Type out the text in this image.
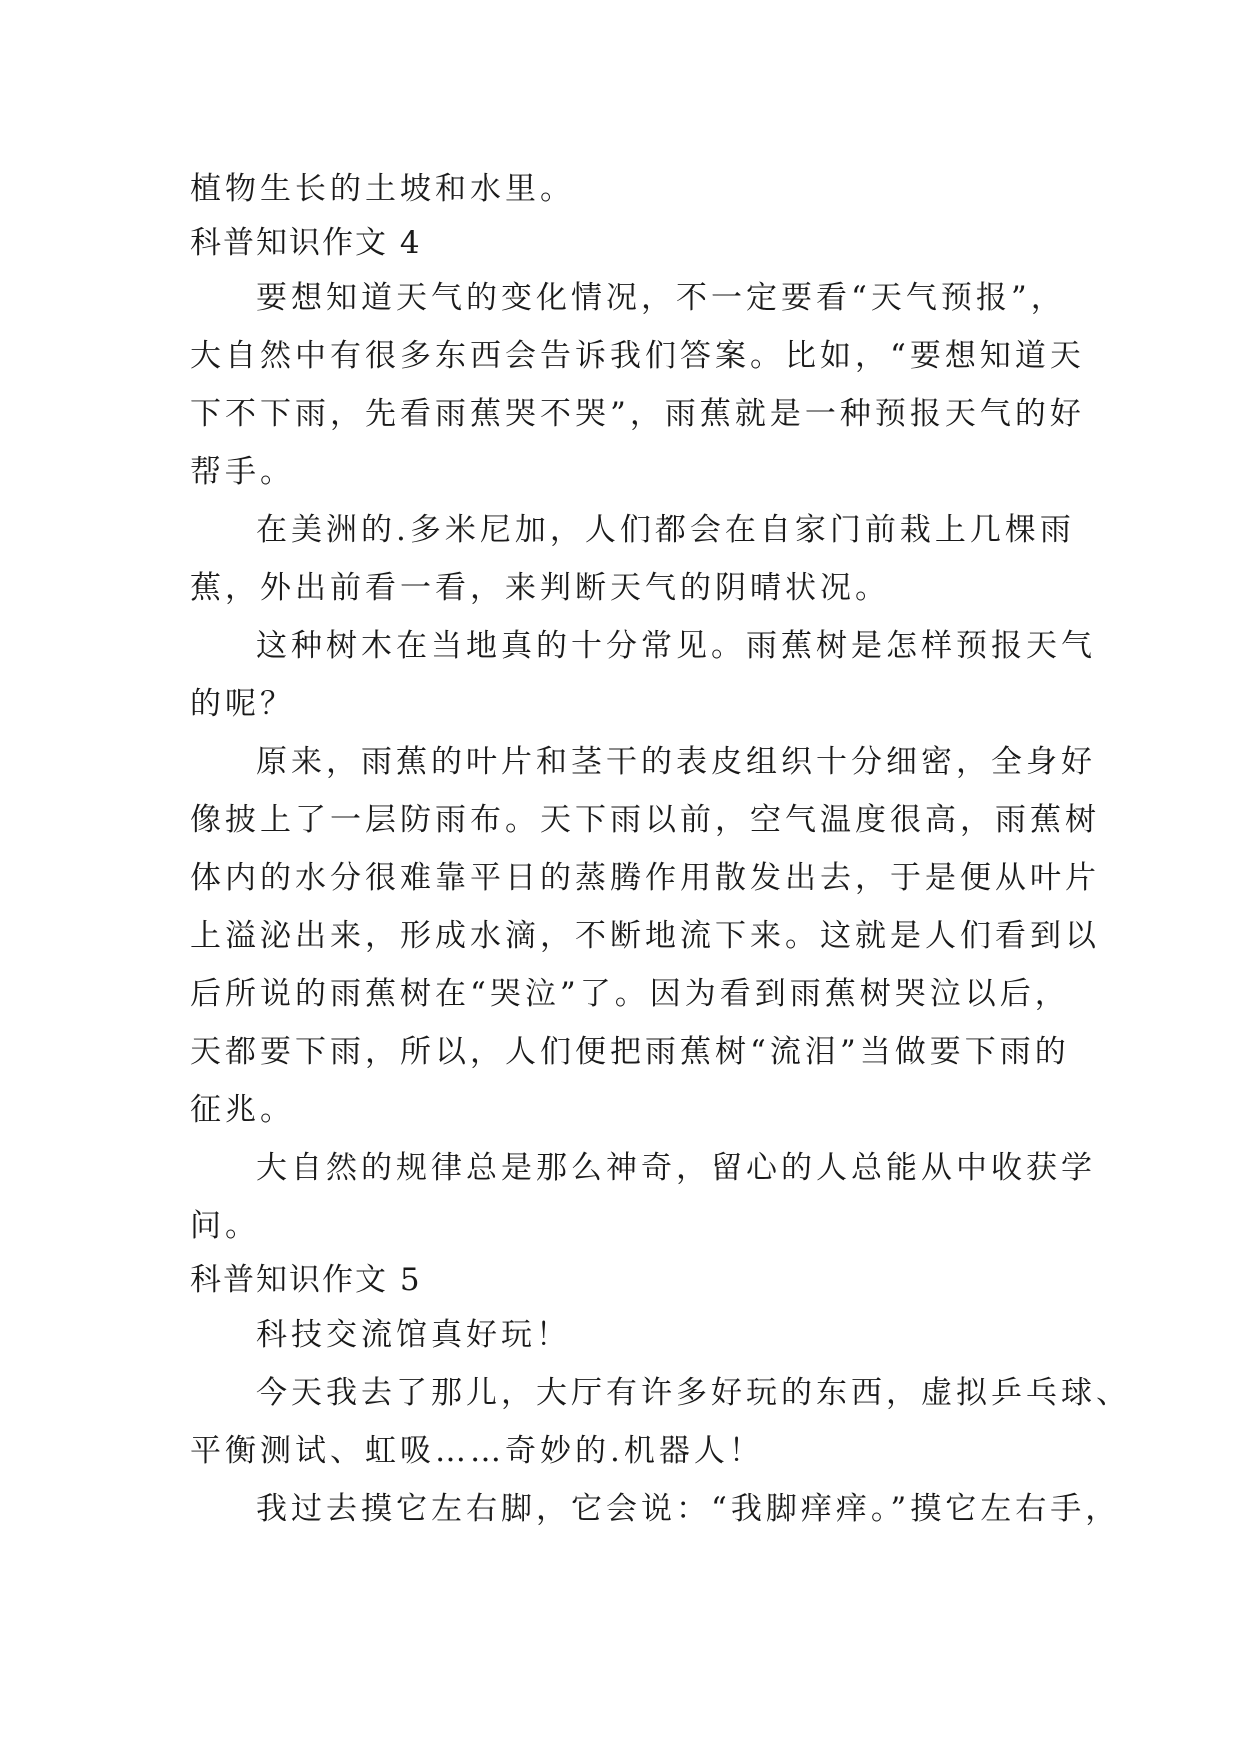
植物生长的土坡和水里。
科普知识作文 4
要想知道天气的变化情况，不一定要看“天气预报”，
大自然中有很多东西会告诉我们答案。比如，“要想知道天
下不下雨，先看雨蕉哭不哭”，雨蕉就是一种预报天气的好
帮手。
在美洲的.多米尼加，人们都会在自家门前栽上几棵雨
蕉，外出前看一看，来判断天气的阴晴状况。
这种树木在当地真的十分常见。雨蕉树是怎样预报天气
的呢？
原来，雨蕉的叶片和茎干的表皮组织十分细密，全身好
像披上了一层防雨布。天下雨以前，空气温度很高，雨蕉树
体内的水分很难靠平日的蒸腾作用散发出去，于是便从叶片
上溢泌出来，形成水滴，不断地流下来。这就是人们看到以
后所说的雨蕉树在“哭泣”了。因为看到雨蕉树哭泣以后，
天都要下雨，所以，人们便把雨蕉树“流泪”当做要下雨的
征兆。
大自然的规律总是那么神奇，留心的人总能从中收获学
问。
科普知识作文 5
科技交流馆真好玩！
今天我去了那儿，大厅有许多好玩的东西，虚拟乒乓球、
平衡测试、虹吸……奇妙的.机器人！
我过去摸它左右脚，它会说：“我脚痒痒。”摸它左右手，
